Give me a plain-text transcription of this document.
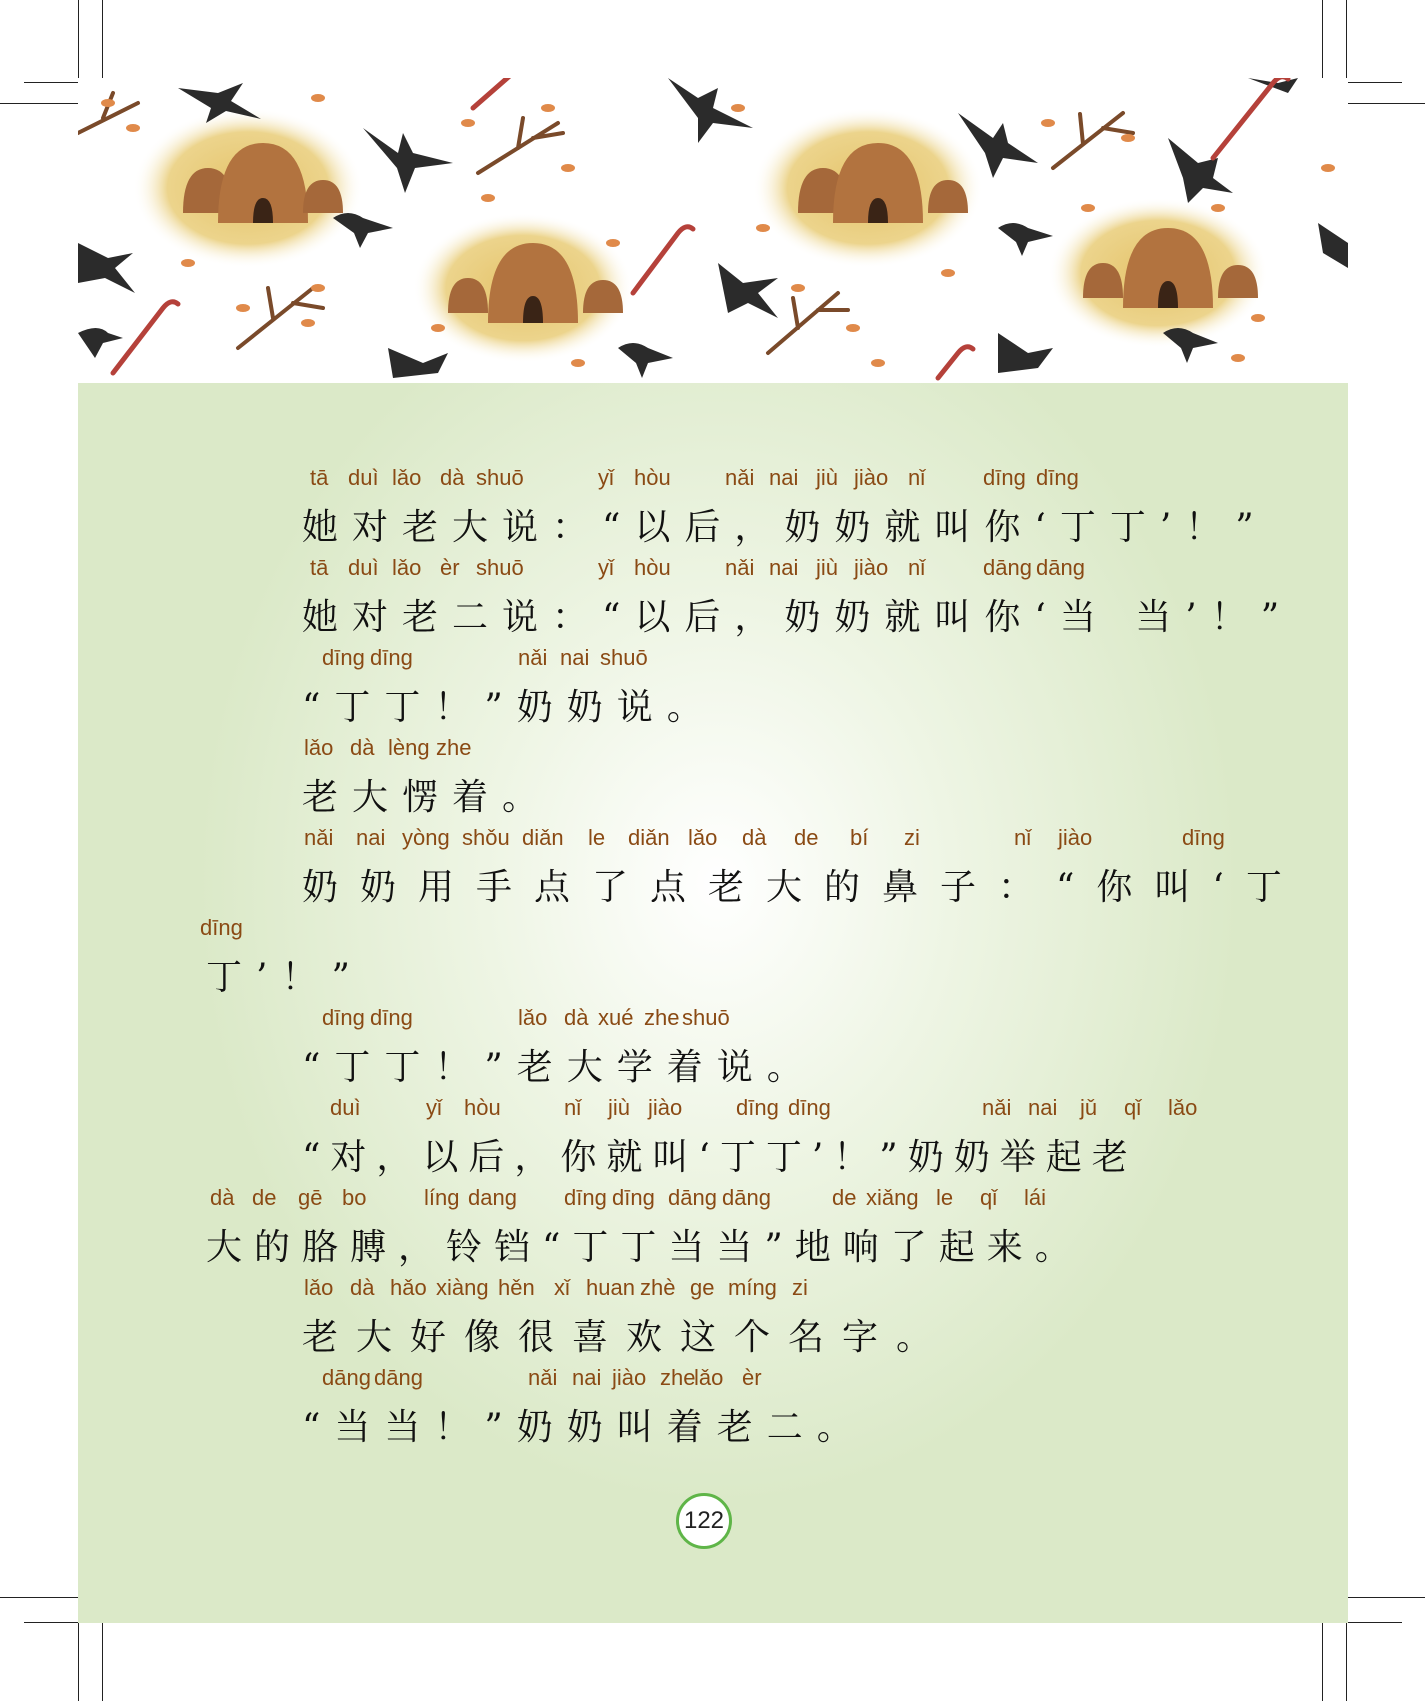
tā duì lǎo dà shuō	yǐ hòu nǎi nai jiù jiào nǐ	dīng dīng
她对老大说：“以后，奶奶就叫你‘丁丁’！”
tā duì lǎo èr shuō	yǐ hòu nǎi nai jiù jiào nǐ	dāng dāng
她对老二说：“以后，奶奶就叫你‘当 当’！”
dīng dīng	nǎi nai shuō
“丁丁！”奶奶说。
lǎo dà lèng zhe
老大愣着。
nǎi nai yòng shǒu diǎn le diǎn lǎo dà de bí zi	nǐ jiào	dīng
奶奶用手点了点老大的鼻子：“你叫‘丁
dīng
丁’！”
dīng dīng	lǎo dà xué zhe shuō
“丁丁！”老大学着说。
duì	yǐ hòu	nǐ jiù jiào dīng dīng	nǎi nai jǔ qǐ lǎo
“对，以后，你就叫‘丁丁’！”奶奶举起老
dà de gē bo	líng dang dīng dīng dāng dāng	de xiǎng le qǐ lái
大的胳膊，铃铛“丁丁当当”地响了起来。
lǎo dà hǎo xiàng hěn xǐ huan zhè ge míng zi
老大好像很喜欢这个名字。
dāng dāng	nǎi nai jiào zhe
lǎo èr
“当当！”奶奶叫着老二。
122
